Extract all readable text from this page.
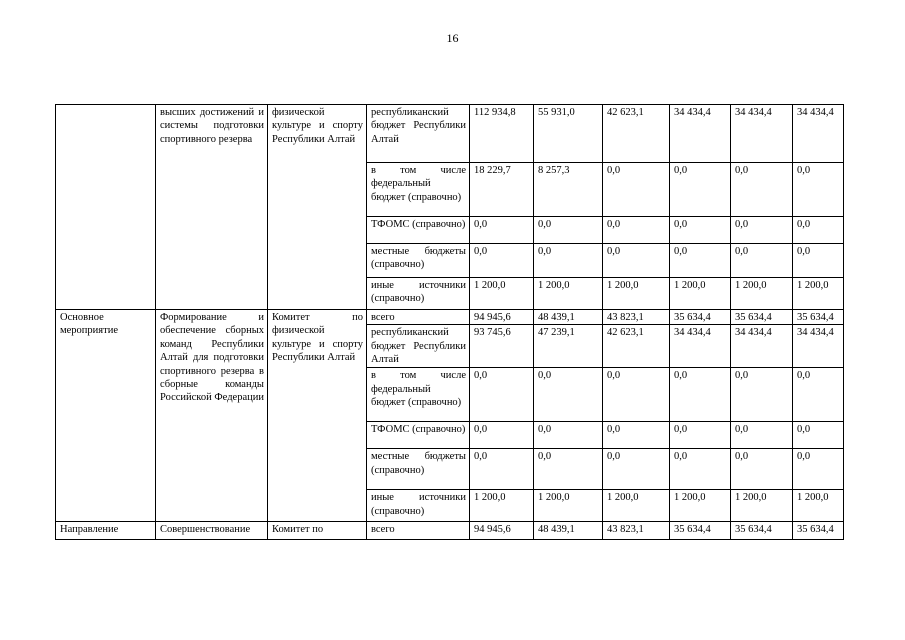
16
	высших достижений и системы подготовки спортивного резерва	физической культуре и спорту Республики Алтай	республиканский бюджет Республики Алтай	112 934,8	55 931,0	42 623,1	34 434,4	34 434,4	34 434,4
			в том числе федеральный бюджет (справочно)	18 229,7	8 257,3	0,0	0,0	0,0	0,0
			ТФОМС (справочно)	0,0	0,0	0,0	0,0	0,0	0,0
			местные бюджеты (справочно)	0,0	0,0	0,0	0,0	0,0	0,0
			иные источники (справочно)	1 200,0	1 200,0	1 200,0	1 200,0	1 200,0	1 200,0
Основное мероприятие	Формирование и обеспечение сборных команд Республики Алтай для подготовки спортивного резерва в сборные команды Российской Федерации	Комитет по физической культуре и спорту Республики Алтай	всего	94 945,6	48 439,1	43 823,1	35 634,4	35 634,4	35 634,4
			республиканский бюджет Республики Алтай	93 745,6	47 239,1	42 623,1	34 434,4	34 434,4	34 434,4
			в том числе федеральный бюджет (справочно)	0,0	0,0	0,0	0,0	0,0	0,0
			ТФОМС (справочно)	0,0	0,0	0,0	0,0	0,0	0,0
			местные бюджеты (справочно)	0,0	0,0	0,0	0,0	0,0	0,0
			иные источники (справочно)	1 200,0	1 200,0	1 200,0	1 200,0	1 200,0	1 200,0
Направление	Совершенствование	Комитет по	всего	94 945,6	48 439,1	43 823,1	35 634,4	35 634,4	35 634,4
